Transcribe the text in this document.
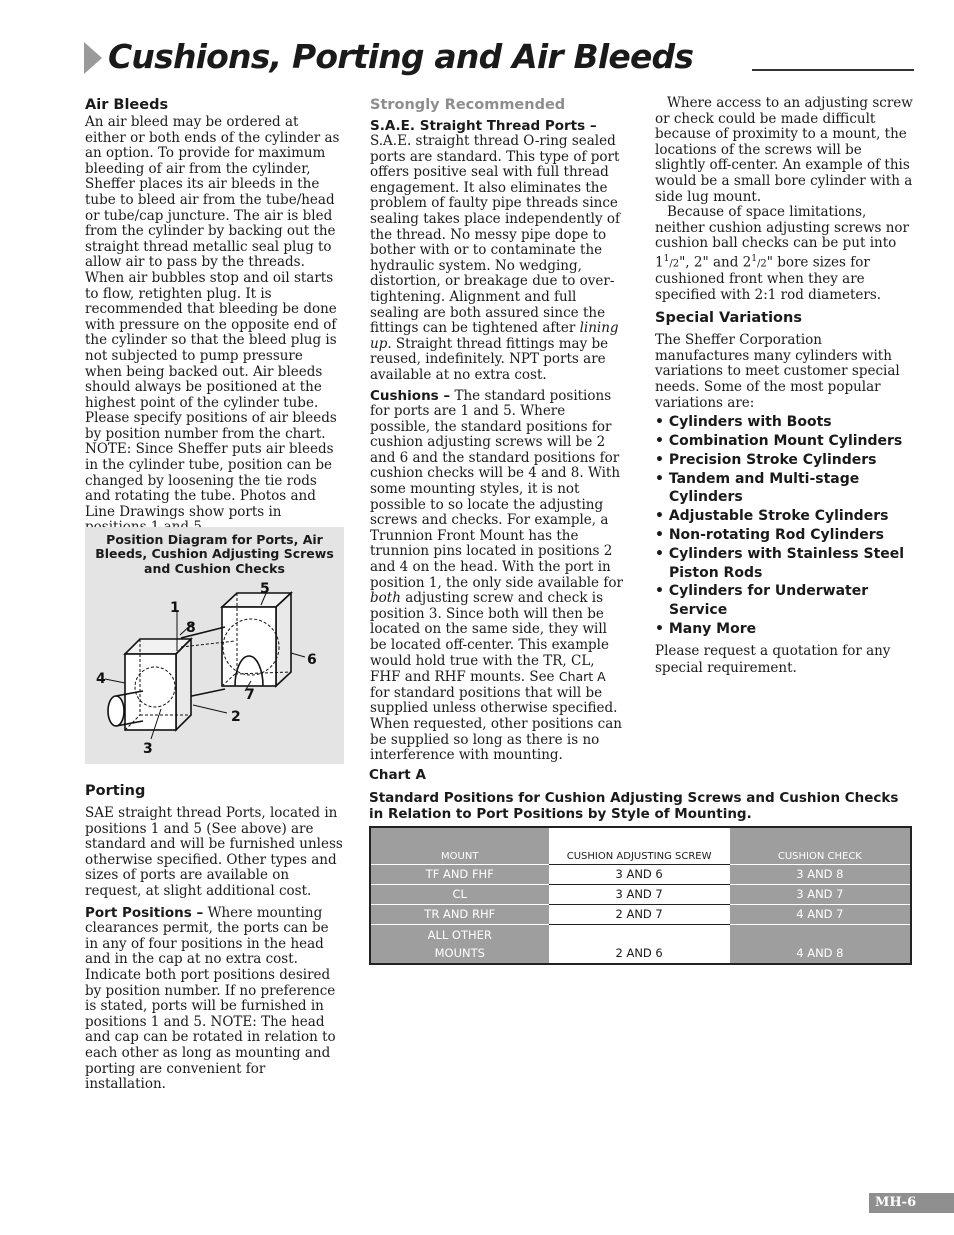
Cushions, Porting and Air Bleeds
Air Bleeds

An air bleed may be ordered at either or both ends of the cylinder as an option. To provide for maximum bleeding of air from the cylinder, Sheffer places its air bleeds in the tube to bleed air from the tube/head or tube/cap juncture. The air is bled from the cylinder by backing out the straight thread metallic seal plug to allow air to pass by the threads. When air bubbles stop and oil starts to flow, retighten plug. It is recommended that bleeding be done with pressure on the opposite end of the cylinder so that the bleed plug is not subjected to pump pressure when being backed out. Air bleeds should always be positioned at the highest point of the cylinder tube. Please specify positions of air bleeds by position number from the chart. NOTE: Since Sheffer puts air bleeds in the cylinder tube, position can be changed by loosening the tie rods and rotating the tube. Photos and Line Drawings show ports in

Position Diagram for Ports, Air Bleeds, Cushion Adjusting Screws and Cushion Checks

1
2
3
4
5
6
7
8
Porting

SAE straight thread Ports, located in positions 1 and 5 (See above) are standard and will be furnished unless otherwise specified. Other types and sizes of ports are available on request, at slight additional cost.

Port Positions – Where mounting clearances permit, the ports can be in any of four positions in the head and in the cap at no extra cost. Indicate both port positions desired by position number. If no preference is stated, ports will be furnished in positions 1 and 5. NOTE: The head and cap can be rotated in relation to each other as long as mounting and porting are convenient for installation.

Strongly Recommended
S.A.E. Straight Thread Ports –

S.A.E. straight thread O-ring sealed ports are standard. This type of port offers positive seal with full thread engagement. It also eliminates the problem of faulty pipe threads since sealing takes place independently of the thread. No messy pipe dope to bother with or to contaminate the hydraulic system. No wedging, distortion, or breakage due to over-tightening. Alignment and full sealing are both assured since the fittings can be tightened after lining up. Straight thread fittings may be reused, indefinitely. NPT ports are available at no extra cost.

Cushions – The standard positions for ports are 1 and 5. Where possible, the standard positions for cushion adjusting screws will be 2 and 6 and the standard positions for cushion checks will be 4 and 8. With some mounting styles, it is not possible to so locate the adjusting screws and checks. For example, a Trunnion Front Mount has the trunnion pins located in positions 2 and 4 on the head. With the port in position 1, the only side available for both adjusting screw and check is position 3. Since both will then be located on the same side, they will be located off-center. This example would hold true with the TR, CL, FHF and RHF mounts. See Chart A for standard positions that will be supplied unless otherwise specified. When requested, other positions can be supplied so long as there is no interference with mounting.

Where access to an adjusting screw or check could be made difficult because of proximity to a mount, the locations of the screws will be slightly off-center. An example of this would be a small bore cylinder with a side lug mount.

Because of space limitations, neither cushion adjusting screws nor cushion ball checks can be put into $1^1/2$", 2" and $2^1/2$" bore sizes for cushioned front when they are specified with 2:1 rod diameters.

Special Variations

The Sheffer Corporation manufactures many cylinders with variations to meet customer special needs. Some of the most popular variations are:

• Cylinders with Boots
• Combination Mount Cylinders
• Precision Stroke Cylinders
• Tandem and Multi-stage Cylinders
• Adjustable Stroke Cylinders
• Non-rotating Rod Cylinders
• Cylinders with Stainless Steel Piston Rods
• Cylinders for Underwater Service
• Many More

Please request a quotation for any special requirement.

Chart A
Standard Positions for Cushion Adjusting Screws and Cushion Checks in Relation to Port Positions by Style of Mounting.
MOUNT	CUSHION ADJUSTING SCREW	CUSHION CHECK
TF AND FHF	3 AND 6	3 AND 8
CL	3 AND 7	3 AND 7
TR AND RHF	2 AND 7	4 AND 7

ALL OTHER
MOUNTS	2 AND 6	4 AND 8
MH-6
